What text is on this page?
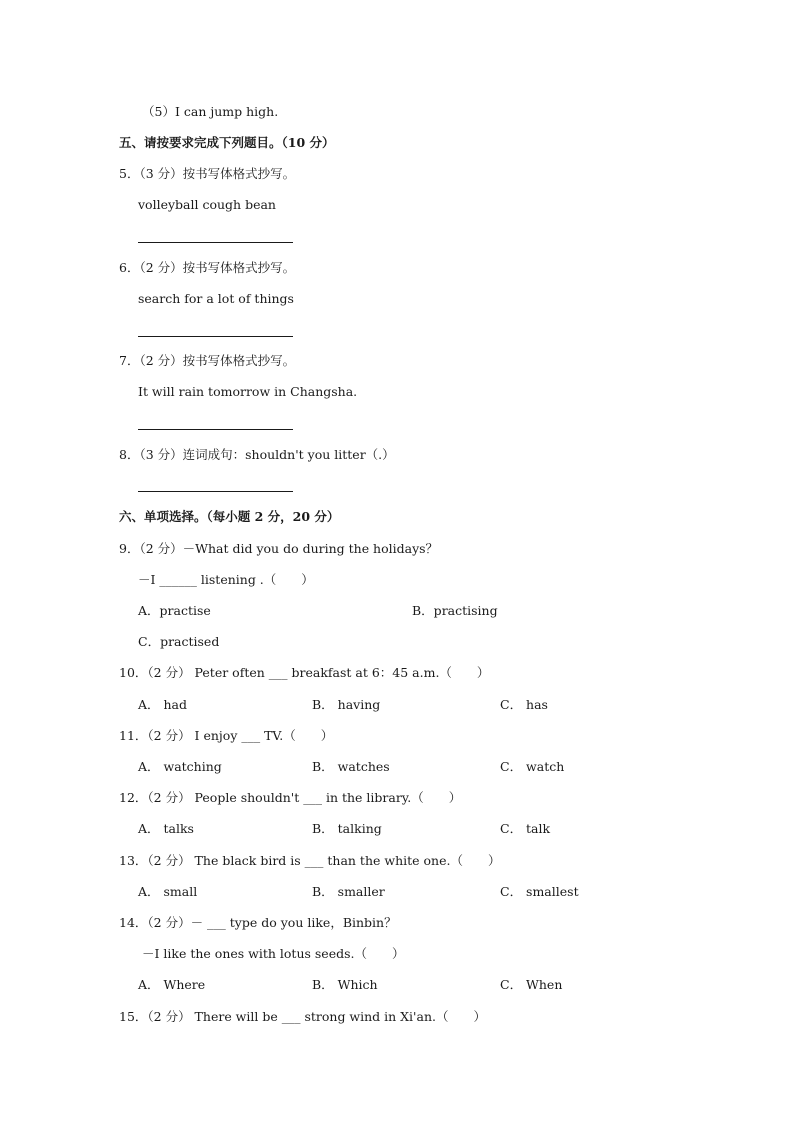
（5）I can jump high.
五、请按要求完成下列题目。（10 分）
5．（3 分）按书写体格式抄写。
volleyball cough bean
6．（2 分）按书写体格式抄写。
search for a lot of things
7．（2 分）按书写体格式抄写。
It will rain tomorrow in Changsha.
8．（3 分）连词成句：shouldn't you litter（.）
六、单项选择。（每小题 2 分，20 分）
9．（2 分）－What did you do during the holidays？
－I ______ listening .（　　）
A．practise	B．practising
C．practised
10．（2 分） Peter often ___ breakfast at 6：45 a.m.（　　）
A． had	B． having	C． has
11．（2 分） I enjoy ___ TV.（　　）
A． watching	B． watches	C． watch
12．（2 分） People shouldn't ___ in the library.（　　）
A． talks	B． talking	C． talk
13．（2 分） The black bird is ___ than the white one.（　　）
A． small	B． smaller	C． smallest
14．（2 分）－ ___ type do you like，Binbin？
－I like the ones with lotus seeds.（　　）
A． Where	B． Which	C． When
15．（2 分） There will be ___ strong wind in Xi'an.（　　）
